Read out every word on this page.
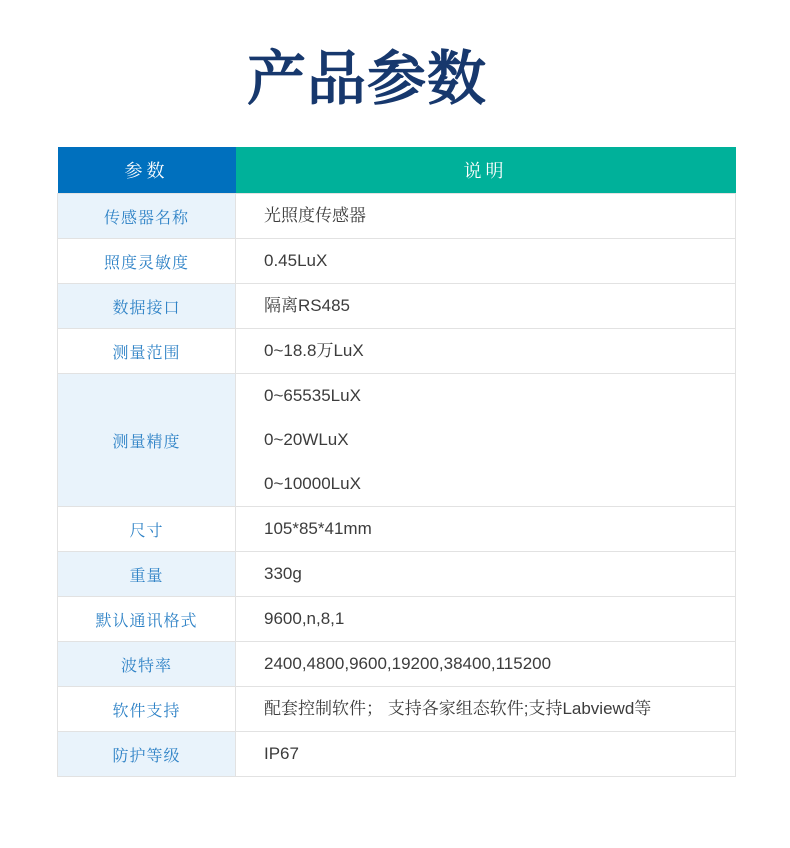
产品参数
参数	说明
传感器名称	光照度传感器

照度灵敏度	0.45LuX

数据接口	隔离RS485

测量范围	0~18.8万LuX

测量精度	0~65535LuX
0~20WLuX
0~10000LuX

尺寸	105*85*41mm

重量	330g

默认通讯格式	9600,n,8,1

波特率	2400,4800,9600,19200,38400,115200

软件支持	配套控制软件； 支持各家组态软件;支持Labviewd等

防护等级	IP67
